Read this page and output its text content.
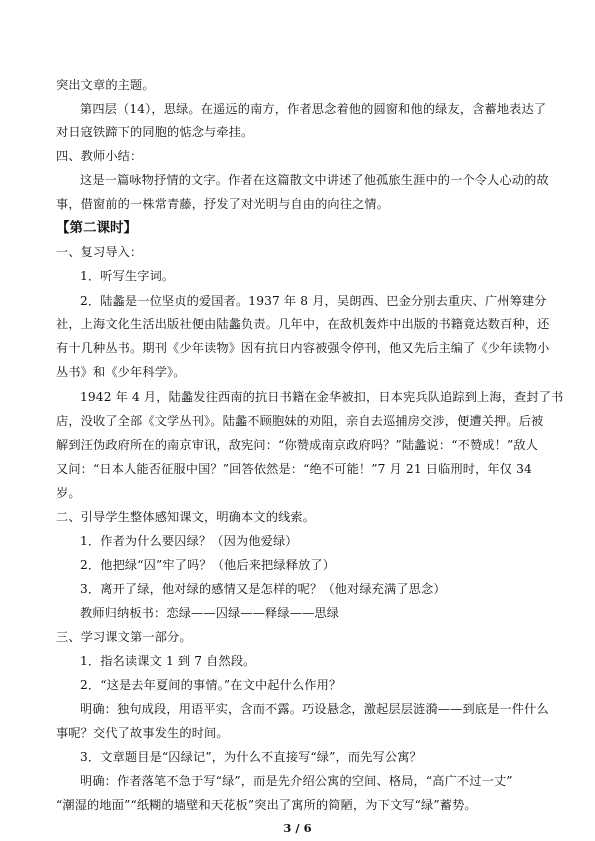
突出文章的主题。
第四层（14），思绿。在遥远的南方，作者思念着他的圆窗和他的绿友，含蓄地表达了
对日寇铁蹄下的同胞的惦念与牵挂。
四、教师小结：
这是一篇咏物抒情的文字。作者在这篇散文中讲述了他孤旅生涯中的一个令人心动的故
事，借窗前的一株常青藤，抒发了对光明与自由的向往之情。
【第二课时】
一、复习导入：
1．听写生字词。
2．陆蠡是一位坚贞的爱国者。1937 年 8 月，吴朗西、巴金分别去重庆、广州筹建分
社，上海文化生活出版社便由陆蠡负责。几年中，在敌机轰炸中出版的书籍竟达数百种，还
有十几种丛书。期刊《少年读物》因有抗日内容被强令停刊，他又先后主编了《少年读物小
丛书》和《少年科学》。
1942 年 4 月，陆蠡发往西南的抗日书籍在金华被扣，日本宪兵队追踪到上海，查封了书
店，没收了全部《文学丛刊》。陆蠡不顾胞妹的劝阻，亲自去巡捕房交涉，便遭关押。后被
解到汪伪政府所在的南京审讯，敌宪问：“你赞成南京政府吗？”陆蠡说：“不赞成！”敌人
又问：“日本人能否征服中国？”回答依然是：“绝不可能！”7 月 21 日临刑时，年仅 34
岁。
二、引导学生整体感知课文，明确本文的线索。
1．作者为什么要囚绿？（因为他爱绿）
2．他把绿“囚”牢了吗？（他后来把绿释放了）
3．离开了绿，他对绿的感情又是怎样的呢？（他对绿充满了思念）
教师归纳板书：恋绿——囚绿——释绿——思绿
三、学习课文第一部分。
1．指名读课文 1 到 7 自然段。
2．“这是去年夏间的事情。”在文中起什么作用？
明确：独句成段，用语平实，含而不露。巧设悬念，激起层层涟漪——到底是一件什么
事呢？交代了故事发生的时间。
3．文章题目是“囚绿记”，为什么不直接写“绿”，而先写公寓？
明确：作者落笔不急于写“绿”，而是先介绍公寓的空间、格局，“高广不过一丈”
“潮湿的地面”“纸糊的墙壁和天花板”突出了寓所的简陋，为下文写“绿”蓄势。
3 / 6
